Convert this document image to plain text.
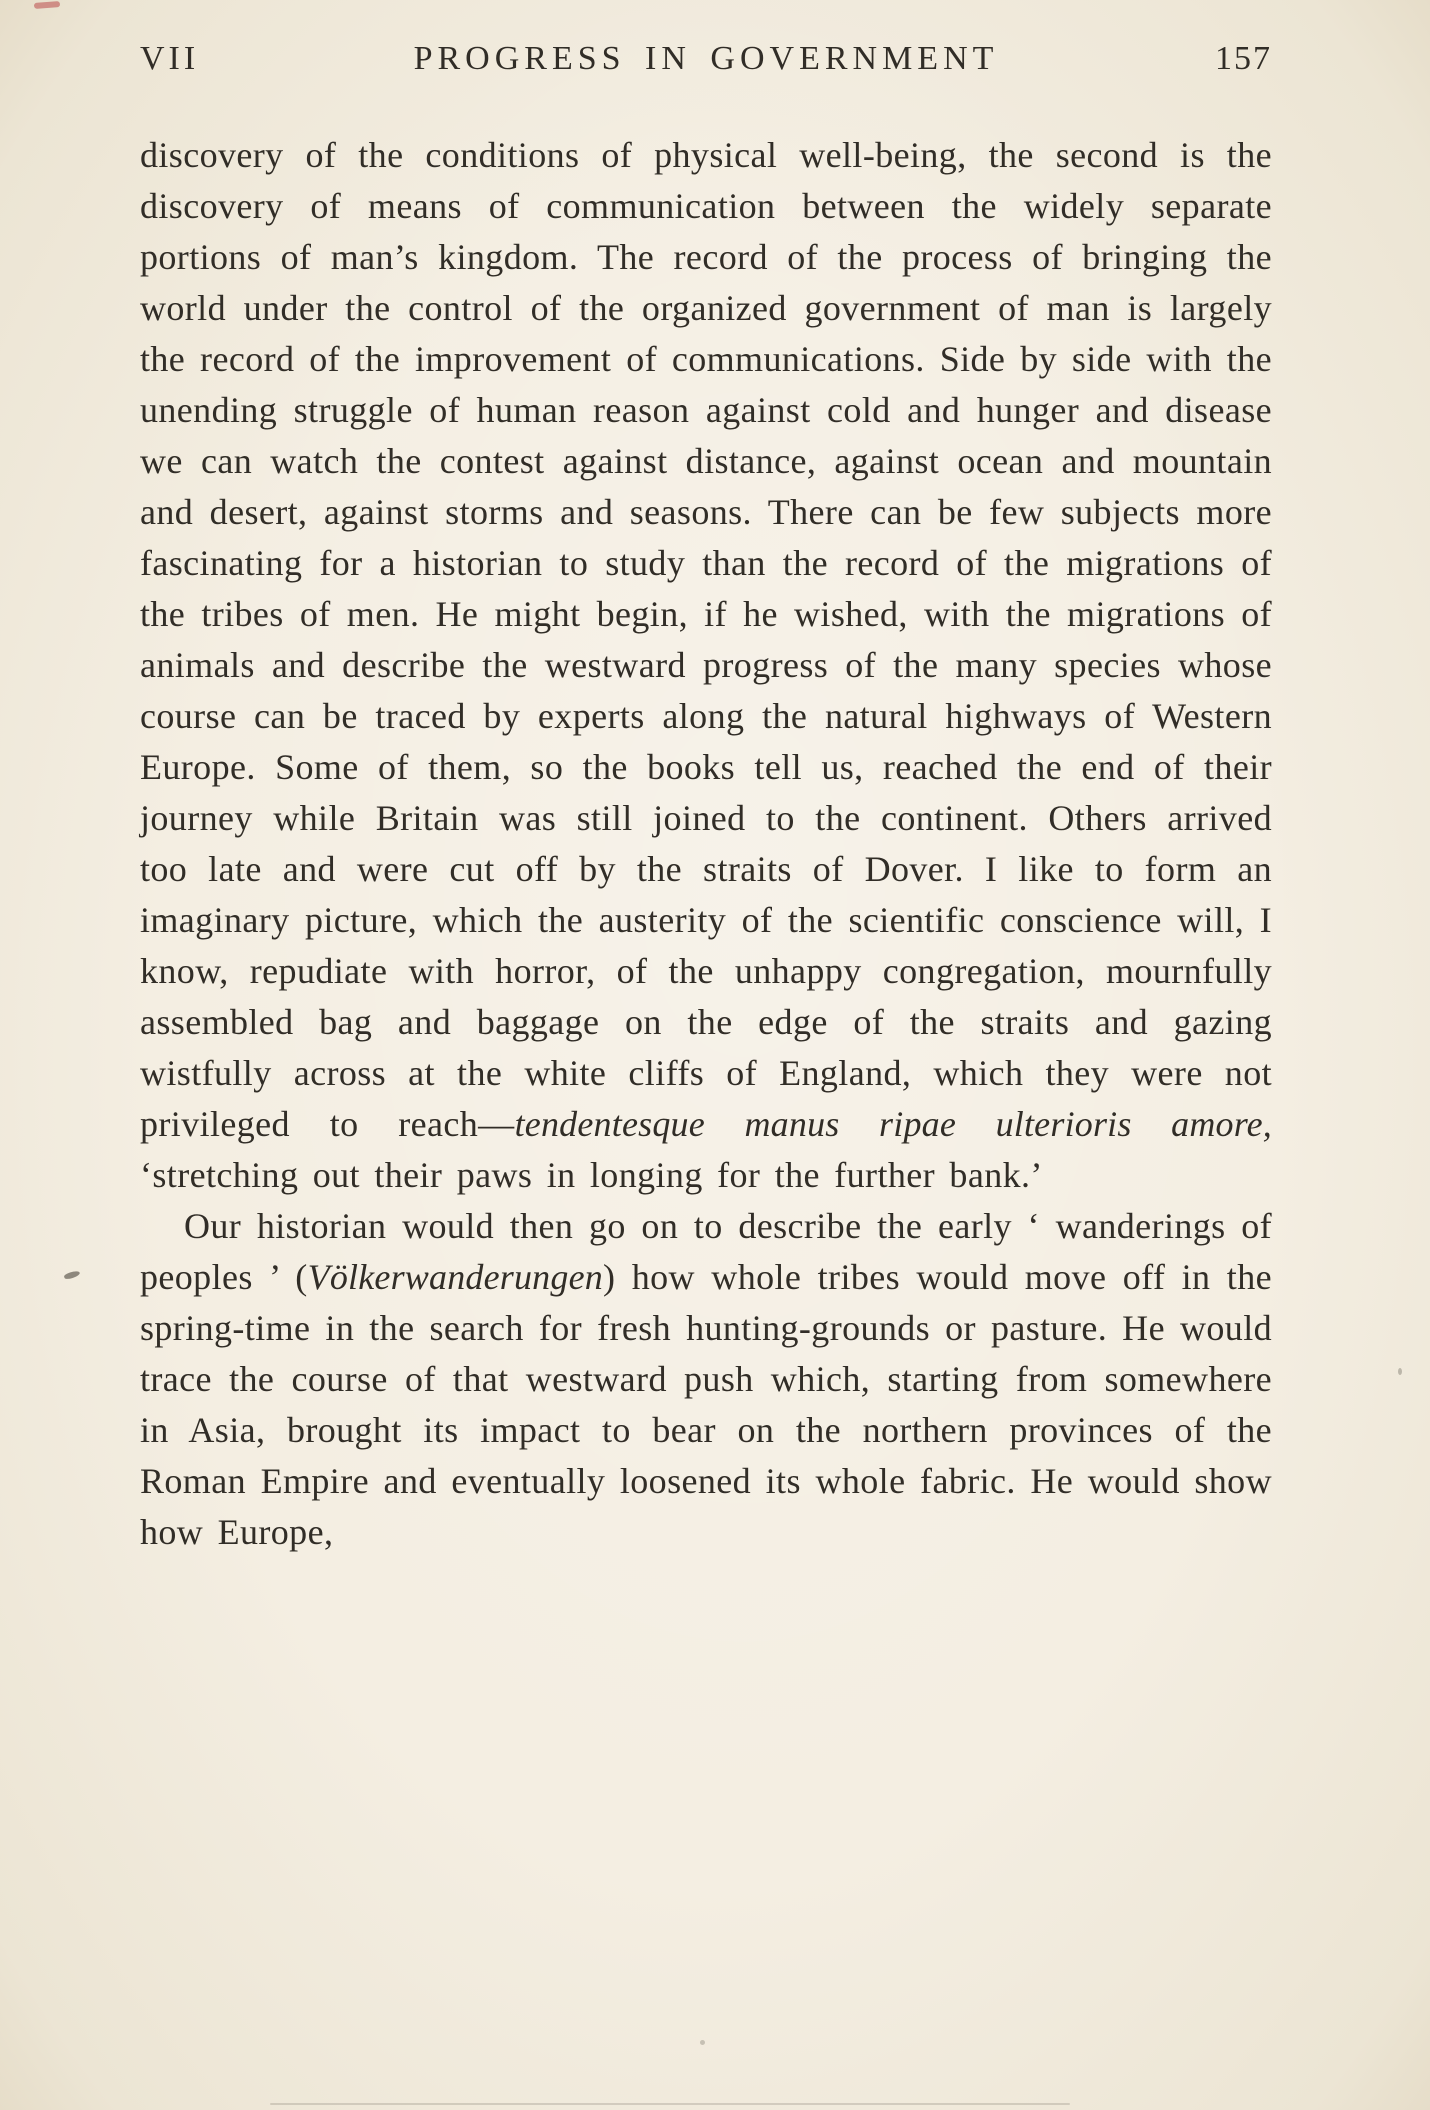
VII	PROGRESS IN GOVERNMENT	157

discovery of the conditions of physical well-being, the second is the discovery of means of communication between the widely separate portions of man’s kingdom. The record of the process of bringing the world under the control of the organized government of man is largely the record of the improvement of communications. Side by side with the unending struggle of human reason against cold and hunger and disease we can watch the contest against distance, against ocean and mountain and desert, against storms and seasons. There can be few subjects more fascinating for a historian to study than the record of the migrations of the tribes of men. He might begin, if he wished, with the migrations of animals and describe the westward progress of the many species whose course can be traced by experts along the natural highways of Western Europe. Some of them, so the books tell us, reached the end of their journey while Britain was still joined to the continent. Others arrived too late and were cut off by the straits of Dover. I like to form an imaginary picture, which the austerity of the scientific conscience will, I know, repudiate with horror, of the unhappy congregation, mournfully assembled bag and baggage on the edge of the straits and gazing wistfully across at the white cliffs of England, which they were not privileged to reach—tendentesque manus ripae ulterioris amore, ‘stretching out their paws in longing for the further bank.’

Our historian would then go on to describe the early ‘ wanderings of peoples ’ (Völkerwanderungen) how whole tribes would move off in the spring-time in the search for fresh hunting-grounds or pasture. He would trace the course of that westward push which, starting from somewhere in Asia, brought its impact to bear on the northern provinces of the Roman Empire and eventually loosened its whole fabric. He would show how Europe,
